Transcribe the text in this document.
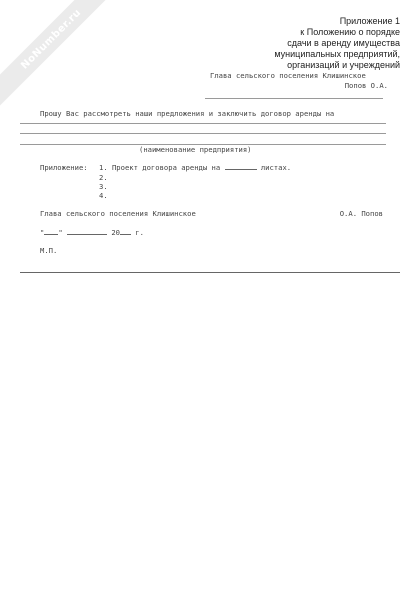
NoNumber.ru	Приложение 1
к Положению о порядке
сдачи в аренду имущества
муниципальных предприятий,
организаций и учреждений
Глава сельского поселения Клишинское
Попов О.А.
Прошу Вас рассмотреть наши предложения и заключить договор аренды на
(наименование предприятия)
Приложение: 1. Проект договора аренды на	листах.
2.
3.
4.
Глава сельского поселения Клишинское	О.А. Попов
" "	20 г.
М.П.
